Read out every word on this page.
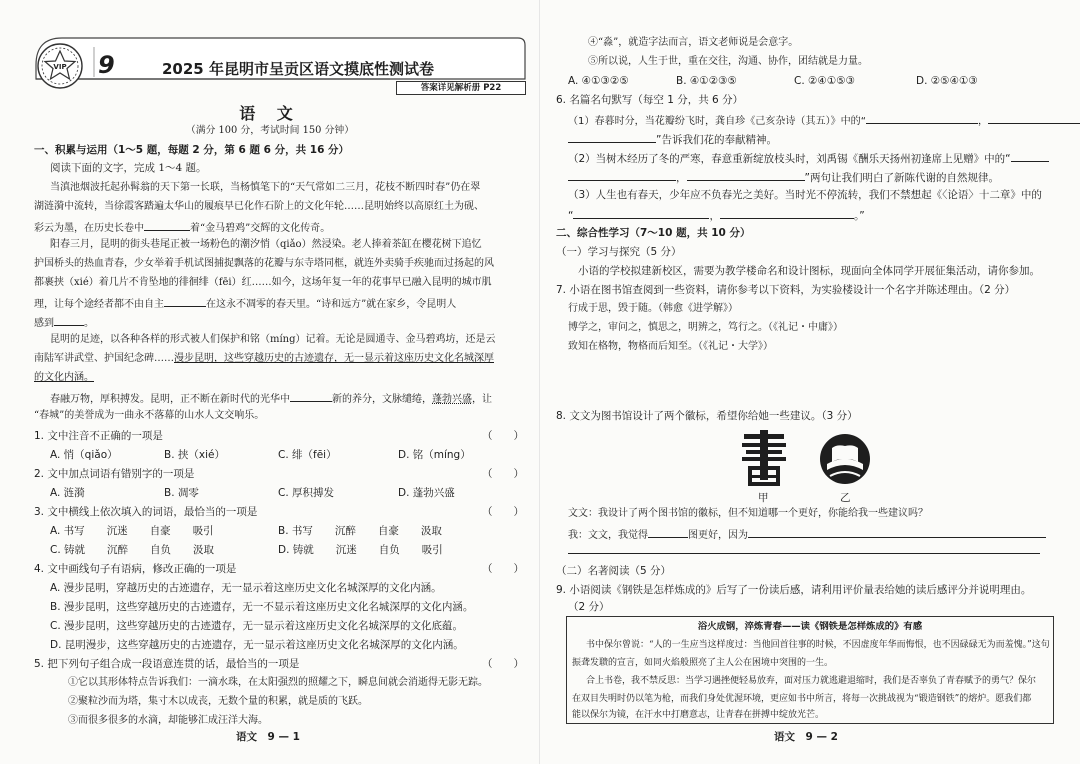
VIP 9	2025 年昆明市呈贡区语文摸底性测试卷
答案详见解析册 P22
语 文
（满分 100 分，考试时间 150 分钟）
一、积累与运用（1～5 题，每题 2 分，第 6 题 6 分，共 16 分）
阅读下面的文字，完成 1～4 题。
当滇池烟波托起孙髯翁的天下第一长联，当杨慎笔下的“天气常如二三月，花枝不断四时春”仍在翠
湖涟漪中流转，当徐霞客踏遍太华山的履痕早已化作石阶上的文化年轮……昆明始终以高原红土为砚、
彩云为墨，在历史长卷中	着“金马碧鸡”交辉的文化传奇。
阳春三月，昆明的街头巷尾正被一场粉色的潮汐悄（qiǎo）然浸染。老人捧着茶缸在樱花树下追忆
护国桥头的热血青春，少女举着手机试图捕捉飘落的花瓣与东寺塔同框，就连外卖骑手疾驰而过扬起的风
都裹挟（xié）着几片不肯坠地的徘徊绯（fēi）红……如今，这场年复一年的花事早已融入昆明的城市肌
理，让每个途经者都不由自主	在这永不凋零的春天里。“诗和远方”就在家乡，令昆明人
感到	。
昆明的足迹，以各种各样的形式被人们保护和铭（míng）记着。无论是圆通寺、金马碧鸡坊，还是云
南陆军讲武堂、护国纪念碑……漫步昆明，这些穿越历史的古迹遗存，无一显示着这座历史文化名城深厚
的文化内涵。
春融万物，厚积搏发。昆明，正不断在新时代的光华中	新的养分，文脉缱绻，蓬勃兴盛，让
“春城”的美誉成为一曲永不落幕的山水人文交响乐。
1. 文中注音不正确的一项是	（　　）
A. 悄（qiǎo）	B. 挟（xié）	C. 绯（fēi）	D. 铭（míng）
2. 文中加点词语有错别字的一项是	（　　）
A. 涟漪	B. 凋零	C. 厚积搏发	D. 蓬勃兴盛
3. 文中横线上依次填入的词语，最恰当的一项是	（　　）
A. 书写 沉迷 自豪 吸引	B. 书写 沉醉 自豪 汲取
C. 铸就 沉醉 自负 汲取	D. 铸就 沉迷 自负 吸引
4. 文中画线句子有语病，修改正确的一项是	（　　）
A. 漫步昆明，穿越历史的古迹遗存，无一显示着这座历史文化名城深厚的文化内涵。
B. 漫步昆明，这些穿越历史的古迹遗存，无一不显示着这座历史文化名城深厚的文化内涵。
C. 漫步昆明，这些穿越历史的古迹遗存，无一显示着这座历史文化名城深厚的文化底蕴。
D. 昆明漫步，这些穿越历史的古迹遗存，无一显示着这座历史文化名城深厚的文化内涵。
5. 把下列句子组合成一段语意连贯的话，最恰当的一项是	（　　）
①它以其形体特点告诉我们：一滴水珠，在太阳强烈的照耀之下，瞬息间就会消逝得无影无踪。
②聚粒沙而为塔，集寸木以成丧，无数个量的积累，就是质的飞跃。
③而很多很多的水滴，却能够汇成汪洋大海。
语文　9 — 1
④“淼”，就造字法而言，语文老师说是会意字。
⑤所以说，人生于世，重在交往，沟通、协作，团结就是力量。
A. ④①③②⑤	B. ④①②③⑤	C. ②④①⑤③	D. ②⑤④①③
6. 名篇名句默写（每空 1 分，共 6 分）
（1）春暮时分，当花瓣纷飞时，龚自珍《己亥杂诗（其五）》中的“	，
”告诉我们花的奉献精神。
（2）当树木经历了冬的严寒，春意重新绽放枝头时，刘禹锡《酬乐天扬州初逢席上见赠》中的“
，	”两句让我们明白了新陈代谢的自然规律。
（3）人生也有春天，少年应不负春光之美好。当时光不停流转，我们不禁想起《〈论语〉十二章》中的
“	，	。”
二、综合性学习（7～10 题，共 10 分）
（一）学习与探究（5 分）
小语的学校拟建新校区，需要为教学楼命名和设计图标，现面向全体同学开展征集活动，请你参加。
7. 小语在图书馆查阅到一些资料，请你参考以下资料，为实验楼设计一个名字并陈述理由。（2 分）
行成于思，毁于随。（韩愈《进学解》）
博学之，审问之，慎思之，明辨之，笃行之。（《礼记・中庸》）
致知在格物，物格而后知至。（《礼记・大学》）
8. 文文为图书馆设计了两个徽标，希望你给她一些建议。（3 分）
甲	乙
文文：我设计了两个图书馆的徽标，但不知道哪一个更好，你能给我一些建议吗？
我：文文，我觉得	图更好，因为
（二）名著阅读（5 分）
9. 小语阅读《钢铁是怎样炼成的》后写了一份读后感，请利用评价量表给她的读后感评分并说明理由。
（2 分）
浴火成钢，淬炼青春——读《钢铁是怎样炼成的》有感
书中保尔曾说：“人的一生应当这样度过：当他回首往事的时候，不因虚度年华而悔恨，也不因碌碌无为而羞愧。”这句
振聋发聩的宣言，如同火焰般照亮了主人公在困境中突围的一生。
合上书卷，我不禁反思：当学习遇挫便轻易放弃，面对压力就逃避退缩时，我们是否辜负了青春赋予的勇气？保尔
在双目失明时仍以笔为枪，而我们身处优渥环境，更应如书中所言，将每一次挑战视为“锻造钢铁”的熔炉。愿我们都
能以保尔为镜，在汗水中打磨意志，让青春在拼搏中绽放光芒。
语文　9 — 2
